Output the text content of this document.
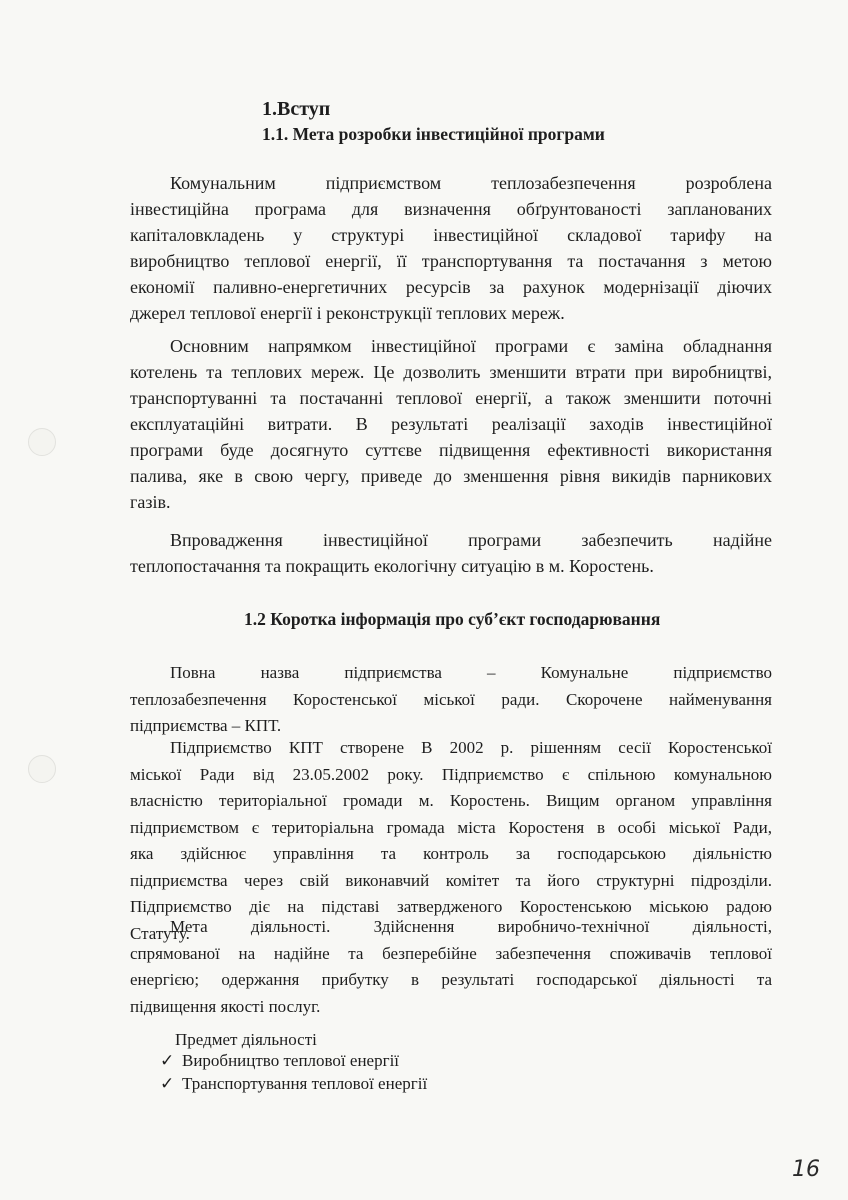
1.Вступ
1.1. Мета розробки інвестиційної програми
Комунальним підприємством теплозабезпечення розроблена
інвестиційна програма для визначення обґрунтованості запланованих
капіталовкладень у структурі інвестиційної складової тарифу на
виробництво теплової енергії, її транспортування та постачання з метою
економії паливно-енергетичних ресурсів за рахунок модернізації діючих
джерел теплової енергії і реконструкції теплових мереж.
Основним напрямком інвестиційної програми є заміна обладнання
котелень та теплових мереж. Це дозволить зменшити втрати при виробництві,
транспортуванні та постачанні теплової енергії, а також зменшити поточні
експлуатаційні витрати. В результаті реалізації заходів інвестиційної
програми буде досягнуто суттєве підвищення ефективності використання
палива, яке в свою чергу, приведе до зменшення рівня викидів парникових
газів.
Впровадження інвестиційної програми забезпечить надійне
теплопостачання та покращить екологічну ситуацію в м. Коростень.
1.2 Коротка інформація про суб’єкт господарювання
Повна назва підприємства – Комунальне підприємство
теплозабезпечення Коростенської міської ради. Скорочене найменування
підприємства – КПТ.
Підприємство КПТ створене В 2002 р. рішенням сесії Коростенської
міської Ради від 23.05.2002 року. Підприємство є спільною комунальною
власністю територіальної громади м. Коростень. Вищим органом управління
підприємством є територіальна громада міста Коростеня в особі міської Ради,
яка здійснює управління та контроль за господарською діяльністю
підприємства через свій виконавчий комітет та його структурні підрозділи.
Підприємство діє на підставі затвердженого Коростенською міською радою
Статуту.
Мета діяльності. Здійснення виробничо-технічної діяльності,
спрямованої на надійне та безперебійне забезпечення споживачів теплової
енергією; одержання прибутку в результаті господарської діяльності та
підвищення якості послуг.

Предмет діяльності

✓ Виробництво теплової енергії
✓ Транспортування теплової енергії
16
